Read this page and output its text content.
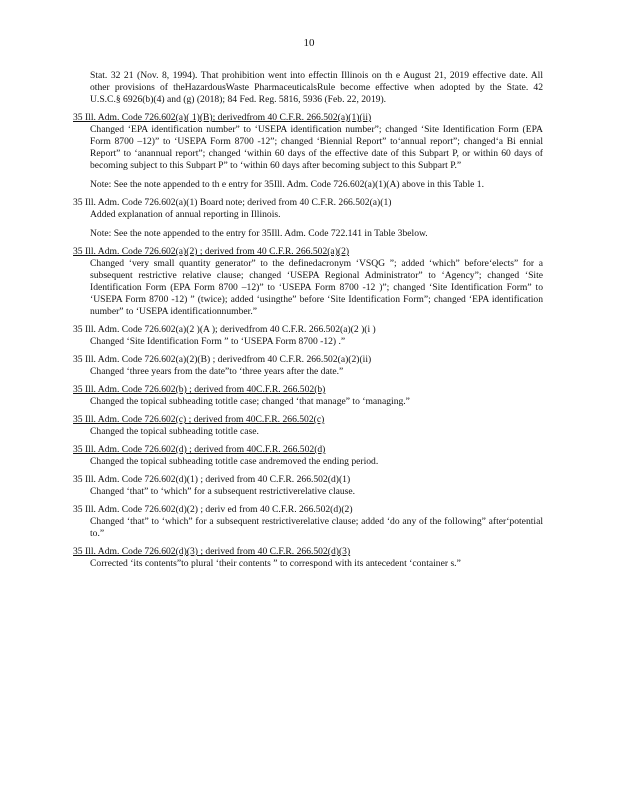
10
Stat. 32 21 (Nov. 8, 1994). That prohibition went into effectin Illinois on th e August 21, 2019 effective date. All other provisions of theHazardousWaste PharmaceuticalsRule become effective when adopted by the State. 42 U.S.C.§ 6926(b)(4) and (g) (2018); 84 Fed. Reg. 5816, 5936 (Feb. 22, 2019).
35 Ill. Adm. Code 726.602(a)( 1)(B); derivedfrom 40 C.F.R. 266.502(a)(1)(ii)
Changed ‘EPA identification number” to ‘USEPA identification number”; changed ‘Site Identification Form (EPA Form 8700 –12)” to ‘USEPA Form 8700 -12”; changed ‘Biennial Report” to‘annual report”; changed‘a Bi ennial Report” to ‘anannual report”; changed ‘within 60 days of the effective date of this Subpart P, or within 60 days of becoming subject to this Subpart P” to ‘within 60 days after becoming subject to this Subpart P.”
Note: See the note appended to th e entry for 35Ill. Adm. Code 726.602(a)(1)(A) above in this Table 1.
35 Ill. Adm. Code 726.602(a)(1) Board note; derived from 40 C.F.R. 266.502(a)(1)
Added explanation of annual reporting in Illinois.
Note: See the note appended to the entry for 35Ill. Adm. Code 722.141 in Table 3below.
35 Ill. Adm. Code 726.602(a)(2) ; derived from 40 C.F.R. 266.502(a)(2)
Changed ‘very small quantity generator” to the definedacronym ‘VSQG ”; added ‘which” before‘elects” for a subsequent restrictive relative clause; changed ‘USEPA Regional Administrator” to ‘Agency”; changed ‘Site Identification Form (EPA Form 8700 –12)” to ‘USEPA Form 8700 -12 )”; changed ‘Site Identification Form” to ‘USEPA Form 8700 -12) ” (twice); added ‘usingthe” before ‘Site Identification Form”; changed ‘EPA identification number” to ‘USEPA identificationnumber.”
35 Ill. Adm. Code 726.602(a)(2 )(A ); derivedfrom 40 C.F.R. 266.502(a)(2 )(i )
Changed ‘Site Identification Form ” to ‘USEPA Form 8700 -12) .”
35 Ill. Adm. Code 726.602(a)(2)(B) ; derivedfrom 40 C.F.R. 266.502(a)(2)(ii)
Changed ‘three years from the date”to ‘three years after the date.”
35 Ill. Adm. Code 726.602(b) ; derived from 40C.F.R. 266.502(b)
Changed the topical subheading totitle case; changed ‘that manage” to ‘managing.”
35 Ill. Adm. Code 726.602(c) ; derived from 40C.F.R. 266.502(c)
Changed the topical subheading totitle case.
35 Ill. Adm. Code 726.602(d) ; derived from 40C.F.R. 266.502(d)
Changed the topical subheading totitle case andremoved the ending period.
35 Ill. Adm. Code 726.602(d)(1) ; derived from 40 C.F.R. 266.502(d)(1)
Changed ‘that” to ‘which” for a subsequent restrictiverelative clause.
35 Ill. Adm. Code 726.602(d)(2) ; deriv ed from 40 C.F.R. 266.502(d)(2)
Changed ‘that” to ‘which” for a subsequent restrictiverelative clause; added ‘do any of the following” after‘potential to.”
35 Ill. Adm. Code 726.602(d)(3) ; derived from 40 C.F.R. 266.502(d)(3)
Corrected ‘its contents”to plural ‘their contents ” to correspond with its antecedent ‘container s.”
